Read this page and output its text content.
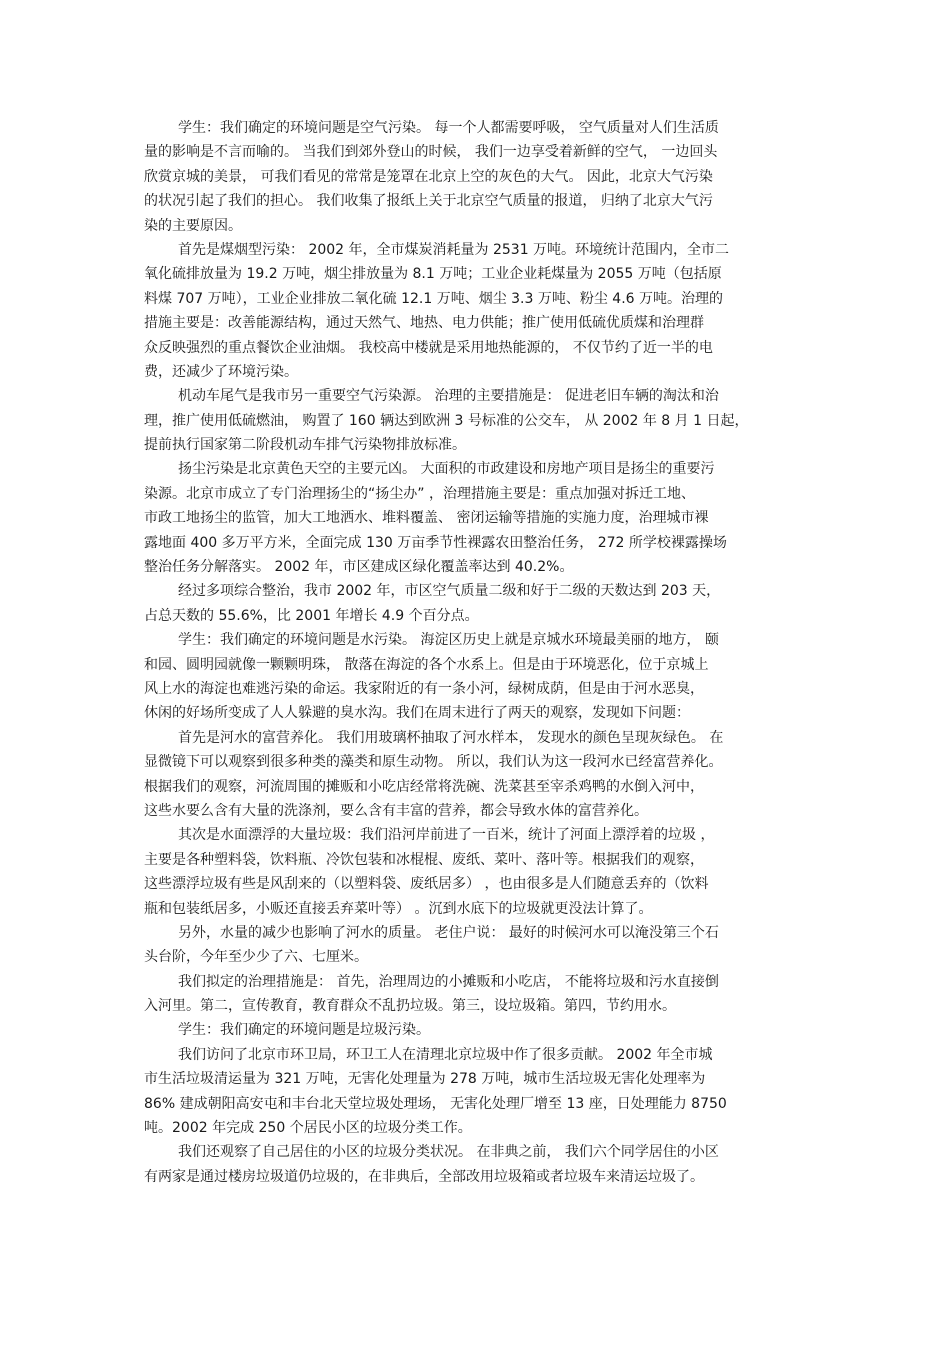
学生：我们确定的环境问题是空气污染。 每一个人都需要呼吸， 空气质量对人们生活质
量的影响是不言而喻的。 当我们到郊外登山的时候， 我们一边享受着新鲜的空气， 一边回头
欣赏京城的美景， 可我们看见的常常是笼罩在北京上空的灰色的大气。 因此，北京大气污染
的状况引起了我们的担心。 我们收集了报纸上关于北京空气质量的报道， 归纳了北京大气污
染的主要原因。
首先是煤烟型污染： 2002 年，全市煤炭消耗量为 2531 万吨。环境统计范围内，全市二
氧化硫排放量为 19.2 万吨，烟尘排放量为 8.1 万吨；工业企业耗煤量为 2055 万吨（包括原
料煤 707 万吨），工业企业排放二氧化硫 12.1 万吨、烟尘 3.3 万吨、粉尘 4.6 万吨。治理的
措施主要是：改善能源结构，通过天然气、地热、电力供能；推广使用低硫优质煤和治理群
众反映强烈的重点餐饮企业油烟。 我校高中楼就是采用地热能源的， 不仅节约了近一半的电
费，还减少了环境污染。
机动车尾气是我市另一重要空气污染源。 治理的主要措施是： 促进老旧车辆的淘汰和治
理，推广使用低硫燃油， 购置了 160 辆达到欧洲 3 号标准的公交车， 从 2002 年 8 月 1 日起，
提前执行国家第二阶段机动车排气污染物排放标准。
扬尘污染是北京黄色天空的主要元凶。 大面积的市政建设和房地产项目是扬尘的重要污
染源。北京市成立了专门治理扬尘的“扬尘办” ，治理措施主要是：重点加强对拆迁工地、
市政工地扬尘的监管，加大工地洒水、堆料覆盖、 密闭运输等措施的实施力度，治理城市裸
露地面 400 多万平方米，全面完成 130 万亩季节性裸露农田整治任务， 272 所学校裸露操场
整治任务分解落实。 2002 年，市区建成区绿化覆盖率达到 40.2%。
经过多项综合整治，我市 2002 年，市区空气质量二级和好于二级的天数达到 203 天，
占总天数的 55.6%，比 2001 年增长 4.9 个百分点。
学生：我们确定的环境问题是水污染。 海淀区历史上就是京城水环境最美丽的地方， 颐
和园、圆明园就像一颗颗明珠， 散落在海淀的各个水系上。但是由于环境恶化，位于京城上
风上水的海淀也难逃污染的命运。我家附近的有一条小河，绿树成荫，但是由于河水恶臭，
休闲的好场所变成了人人躲避的臭水沟。我们在周末进行了两天的观察，发现如下问题：
首先是河水的富营养化。 我们用玻璃杯抽取了河水样本， 发现水的颜色呈现灰绿色。 在
显微镜下可以观察到很多种类的藻类和原生动物。 所以，我们认为这一段河水已经富营养化。
根据我们的观察，河流周围的摊贩和小吃店经常将洗碗、洗菜甚至宰杀鸡鸭的水倒入河中，
这些水要么含有大量的洗涤剂，要么含有丰富的营养，都会导致水体的富营养化。
其次是水面漂浮的大量垃圾：我们沿河岸前进了一百米，统计了河面上漂浮着的垃圾 ，
主要是各种塑料袋，饮料瓶、冷饮包装和冰棍棍、废纸、菜叶、落叶等。根据我们的观察，
这些漂浮垃圾有些是风刮来的（以塑料袋、废纸居多） ，也由很多是人们随意丢弃的（饮料
瓶和包装纸居多，小贩还直接丢弃菜叶等） 。沉到水底下的垃圾就更没法计算了。
另外，水量的减少也影响了河水的质量。 老住户说： 最好的时候河水可以淹没第三个石
头台阶，今年至少少了六、七厘米。
我们拟定的治理措施是： 首先，治理周边的小摊贩和小吃店， 不能将垃圾和污水直接倒
入河里。第二，宣传教育，教育群众不乱扔垃圾。第三，设垃圾箱。第四，节约用水。
学生：我们确定的环境问题是垃圾污染。
我们访问了北京市环卫局，环卫工人在清理北京垃圾中作了很多贡献。 2002 年全市城
市生活垃圾清运量为 321 万吨，无害化处理量为 278 万吨，城市生活垃圾无害化处理率为
86% 建成朝阳高安屯和丰台北天堂垃圾处理场， 无害化处理厂增至 13 座，日处理能力 8750
吨。2002 年完成 250 个居民小区的垃圾分类工作。
我们还观察了自己居住的小区的垃圾分类状况。 在非典之前， 我们六个同学居住的小区
有两家是通过楼房垃圾道仍垃圾的，在非典后，全部改用垃圾箱或者垃圾车来清运垃圾了。
